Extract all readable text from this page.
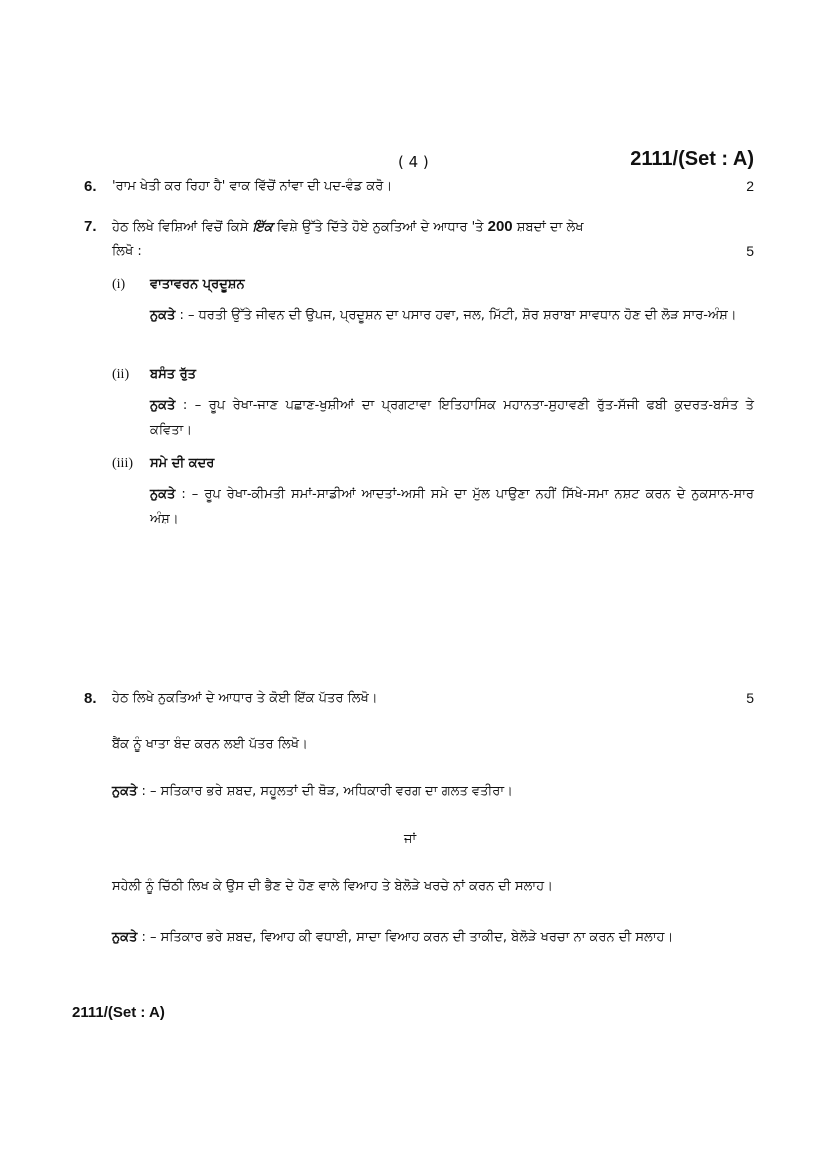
( 4 )	2111/(Set : A)
6. 'ਰਾਮ ਖੇਤੀ ਕਰ ਰਿਹਾ ਹੈ' ਵਾਕ ਵਿੱਚੋਂ ਨਾਂਵਾ ਦੀ ਪਦ-ਵੰਡ ਕਰੋ।	2
7. ਹੇਠ ਲਿਖੇ ਵਿਸ਼ਿਆਂ ਵਿਚੋਂ ਕਿਸੇ ਇੱਕ ਵਿਸ਼ੇ ਉੱਤੇ ਦਿੱਤੇ ਹੋਏ ਨੁਕਤਿਆਂ ਦੇ ਆਧਾਰ 'ਤੇ 200 ਸ਼ਬਦਾਂ ਦਾ ਲੇਖ
ਲਿਖੋ :	5
(i) ਵਾਤਾਵਰਨ ਪ੍ਰਦੂਸ਼ਨ
ਨੁਕਤੇ : – ਧਰਤੀ ਉੱਤੇ ਜੀਵਨ ਦੀ ਉਪਜ, ਪ੍ਰਦੂਸ਼ਨ ਦਾ ਪਸਾਰ ਹਵਾ, ਜਲ, ਮਿੱਟੀ, ਸ਼ੋਰ ਸ਼ਰਾਬਾ ਸਾਵਧਾਨ ਹੋਣ ਦੀ ਲੋੜ ਸਾਰ-ਅੰਸ਼।
(ii) ਬਸੰਤ ਰੁੱਤ
ਨੁਕਤੇ : – ਰੂਪ ਰੇਖਾ-ਜਾਣ ਪਛਾਣ-ਖੁਸ਼ੀਆਂ ਦਾ ਪ੍ਰਗਟਾਵਾ ਇਤਿਹਾਸਿਕ ਮਹਾਨਤਾ-ਸੁਹਾਵਣੀ ਰੁੱਤ-ਸੱਜੀ ਫਬੀ ਕੁਦਰਤ-ਬਸੰਤ ਤੇ ਕਵਿਤਾ।
(iii) ਸਮੇ ਦੀ ਕਦਰ
ਨੁਕਤੇ : – ਰੂਪ ਰੇਖਾ-ਕੀਮਤੀ ਸਮਾਂ-ਸਾਡੀਆਂ ਆਦਤਾਂ-ਅਸੀ ਸਮੇ ਦਾ ਮੁੱਲ ਪਾਉਣਾ ਨਹੀਂ ਸਿੱਖੇ-ਸਮਾ ਨਸ਼ਟ ਕਰਨ ਦੇ ਨੁਕਸਾਨ-ਸਾਰ ਅੰਸ਼।
8. ਹੇਠ ਲਿਖੇ ਨੁਕਤਿਆਂ ਦੇ ਆਧਾਰ ਤੇ ਕੋਈ ਇੱਕ ਪੱਤਰ ਲਿਖੋ।	5
ਬੈਂਕ ਨੂੰ ਖਾਤਾ ਬੰਦ ਕਰਨ ਲਈ ਪੱਤਰ ਲਿਖੋ।
ਨੁਕਤੇ : – ਸਤਿਕਾਰ ਭਰੇ ਸ਼ਬਦ, ਸਹੂਲਤਾਂ ਦੀ ਥੋੜ, ਅਧਿਕਾਰੀ ਵਰਗ ਦਾ ਗਲਤ ਵਤੀਰਾ।
ਜਾਂ
ਸਹੇਲੀ ਨੂੰ ਚਿੱਠੀ ਲਿਖ ਕੇ ਉਸ ਦੀ ਭੈਣ ਦੇ ਹੋਣ ਵਾਲੇ ਵਿਆਹ ਤੇ ਬੇਲੋੜੇ ਖਰਚੇ ਨਾਂ ਕਰਨ ਦੀ ਸਲਾਹ।
ਨੁਕਤੇ : – ਸਤਿਕਾਰ ਭਰੇ ਸ਼ਬਦ, ਵਿਆਹ ਕੀ ਵਧਾਈ, ਸਾਦਾ ਵਿਆਹ ਕਰਨ ਦੀ ਤਾਕੀਦ, ਬੇਲੋੜੇ ਖਰਚਾ ਨਾ ਕਰਨ ਦੀ ਸਲਾਹ।
2111/(Set : A)
